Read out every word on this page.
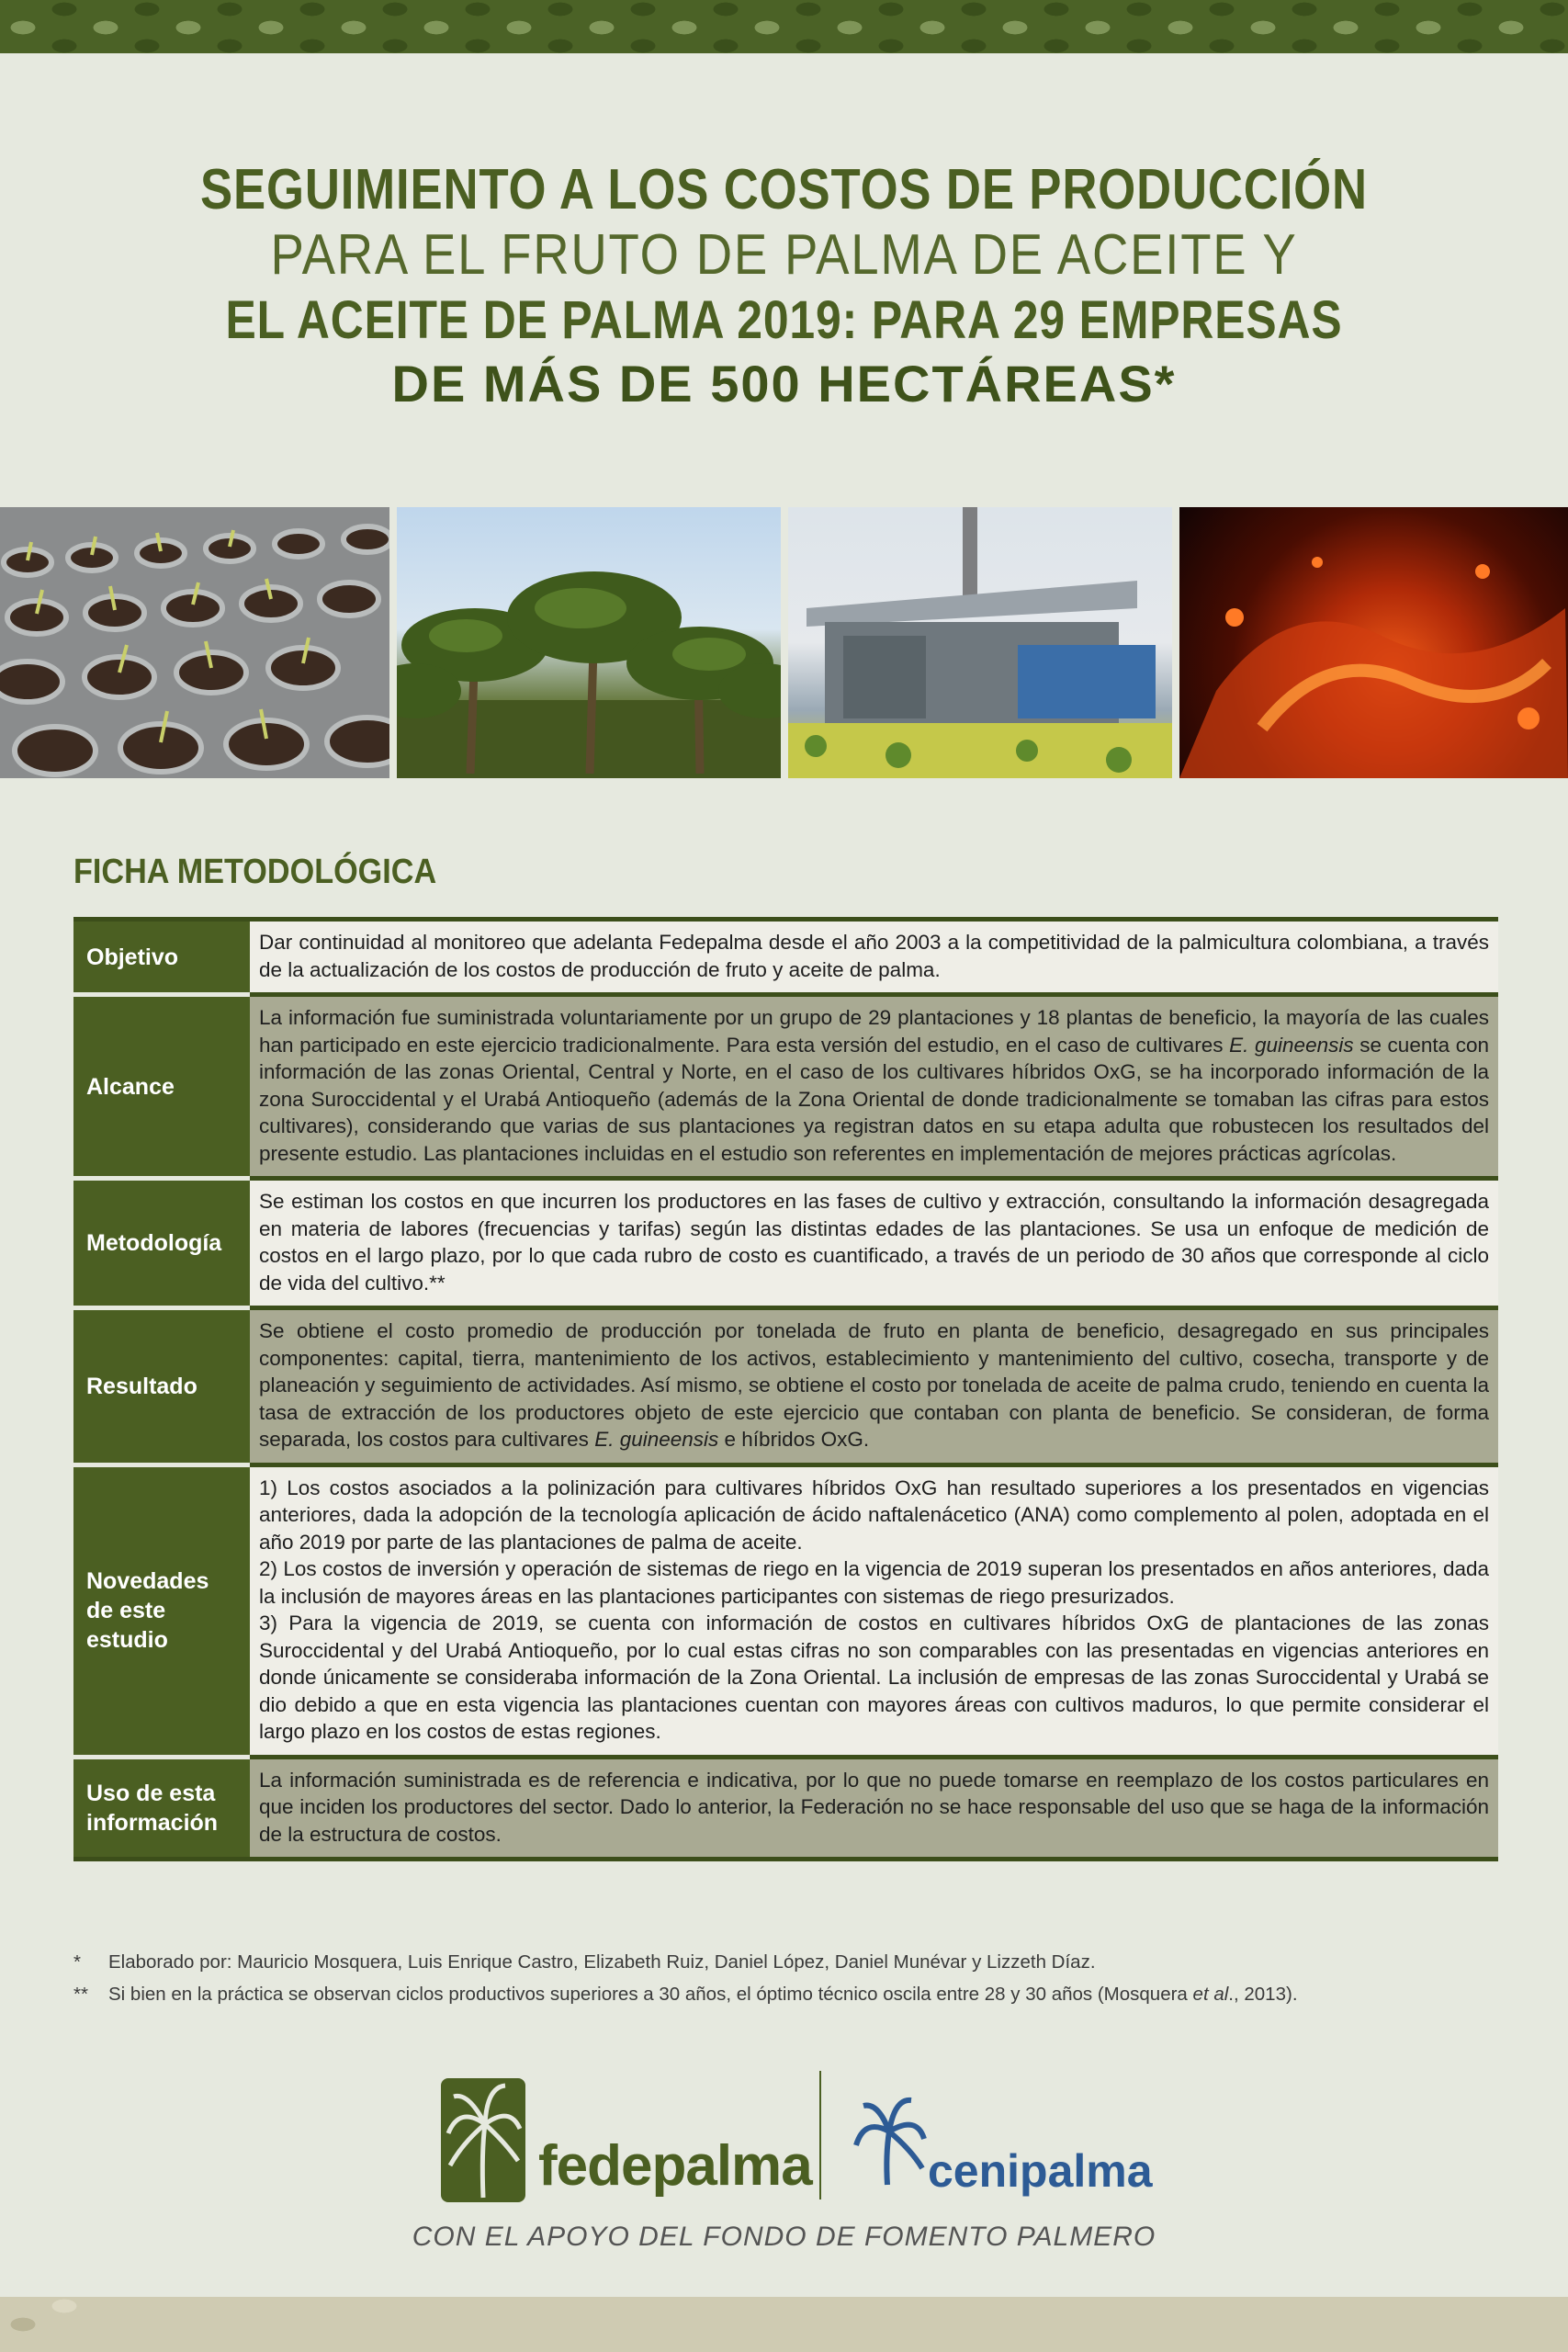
SEGUIMIENTO A LOS COSTOS DE PRODUCCIÓN
PARA EL FRUTO DE PALMA DE ACEITE Y
EL ACEITE DE PALMA 2019: PARA 29 EMPRESAS
DE MÁS DE 500 HECTÁREAS*
FICHA METODOLÓGICA
Objetivo	Dar continuidad al monitoreo que adelanta Fedepalma desde el año 2003 a la competitividad de la palmicultura colombiana, a través de la actualización de los costos de producción de fruto y aceite de palma.
Alcance	La información fue suministrada voluntariamente por un grupo de 29 plantaciones y 18 plantas de beneficio, la mayoría de las cuales han participado en este ejercicio tradicionalmente. Para esta versión del estudio, en el caso de cultivares E. guineensis se cuenta con información de las zonas Oriental, Central y Norte, en el caso de los cultivares híbridos OxG, se ha incorporado información de la zona Suroccidental y el Urabá Antioqueño (además de la Zona Oriental de donde tradicionalmente se tomaban las cifras para estos cultivares), considerando que varias de sus plantaciones ya registran datos en su etapa adulta que robustecen los resultados del presente estudio. Las plantaciones incluidas en el estudio son referentes en implementación de mejores prácticas agrícolas.
Metodología	Se estiman los costos en que incurren los productores en las fases de cultivo y extracción, consultando la información desagregada en materia de labores (frecuencias y tarifas) según las distintas edades de las plantaciones. Se usa un enfoque de medición de costos en el largo plazo, por lo que cada rubro de costo es cuantificado, a través de un periodo de 30 años que corresponde al ciclo de vida del cultivo.**
Resultado	Se obtiene el costo promedio de producción por tonelada de fruto en planta de beneficio, desagregado en sus principales componentes: capital, tierra, mantenimiento de los activos, establecimiento y mantenimiento del cultivo, cosecha, transporte y de planeación y seguimiento de actividades. Así mismo, se obtiene el costo por tonelada de aceite de palma crudo, teniendo en cuenta la tasa de extracción de los productores objeto de este ejercicio que contaban con planta de beneficio. Se consideran, de forma separada, los costos para cultivares E. guineensis e híbridos OxG.
Novedades de este estudio	1) Los costos asociados a la polinización para cultivares híbridos OxG han resultado superiores a los presentados en vigencias anteriores, dada la adopción de la tecnología aplicación de ácido naftalenácetico (ANA) como complemento al polen, adoptada en el año 2019 por parte de las plantaciones de palma de aceite.
2) Los costos de inversión y operación de sistemas de riego en la vigencia de 2019 superan los presentados en años anteriores, dada la inclusión de mayores áreas en las plantaciones participantes con sistemas de riego presurizados.
3) Para la vigencia de 2019, se cuenta con información de costos en cultivares híbridos OxG de plantaciones de las zonas Suroccidental y del Urabá Antioqueño, por lo cual estas cifras no son comparables con las presentadas en vigencias anteriores en donde únicamente se consideraba información de la Zona Oriental. La inclusión de empresas de las zonas Suroccidental y Urabá se dio debido a que en esta vigencia las plantaciones cuentan con mayores áreas con cultivos maduros, lo que permite considerar el largo plazo en los costos de estas regiones.

Uso de esta información	La información suministrada es de referencia e indicativa, por lo que no puede tomarse en reemplazo de los costos particulares en que inciden los productores del sector. Dado lo anterior, la Federación no se hace responsable del uso que se haga de la información de la estructura de costos.
*	Elaborado por: Mauricio Mosquera, Luis Enrique Castro, Elizabeth Ruiz, Daniel López, Daniel Munévar y Lizzeth Díaz.
**	Si bien en la práctica se observan ciclos productivos superiores a 30 años, el óptimo técnico oscila entre 28 y 30 años (Mosquera et al., 2013).
fedepalma	cenipalma
CON EL APOYO DEL FONDO DE FOMENTO PALMERO
